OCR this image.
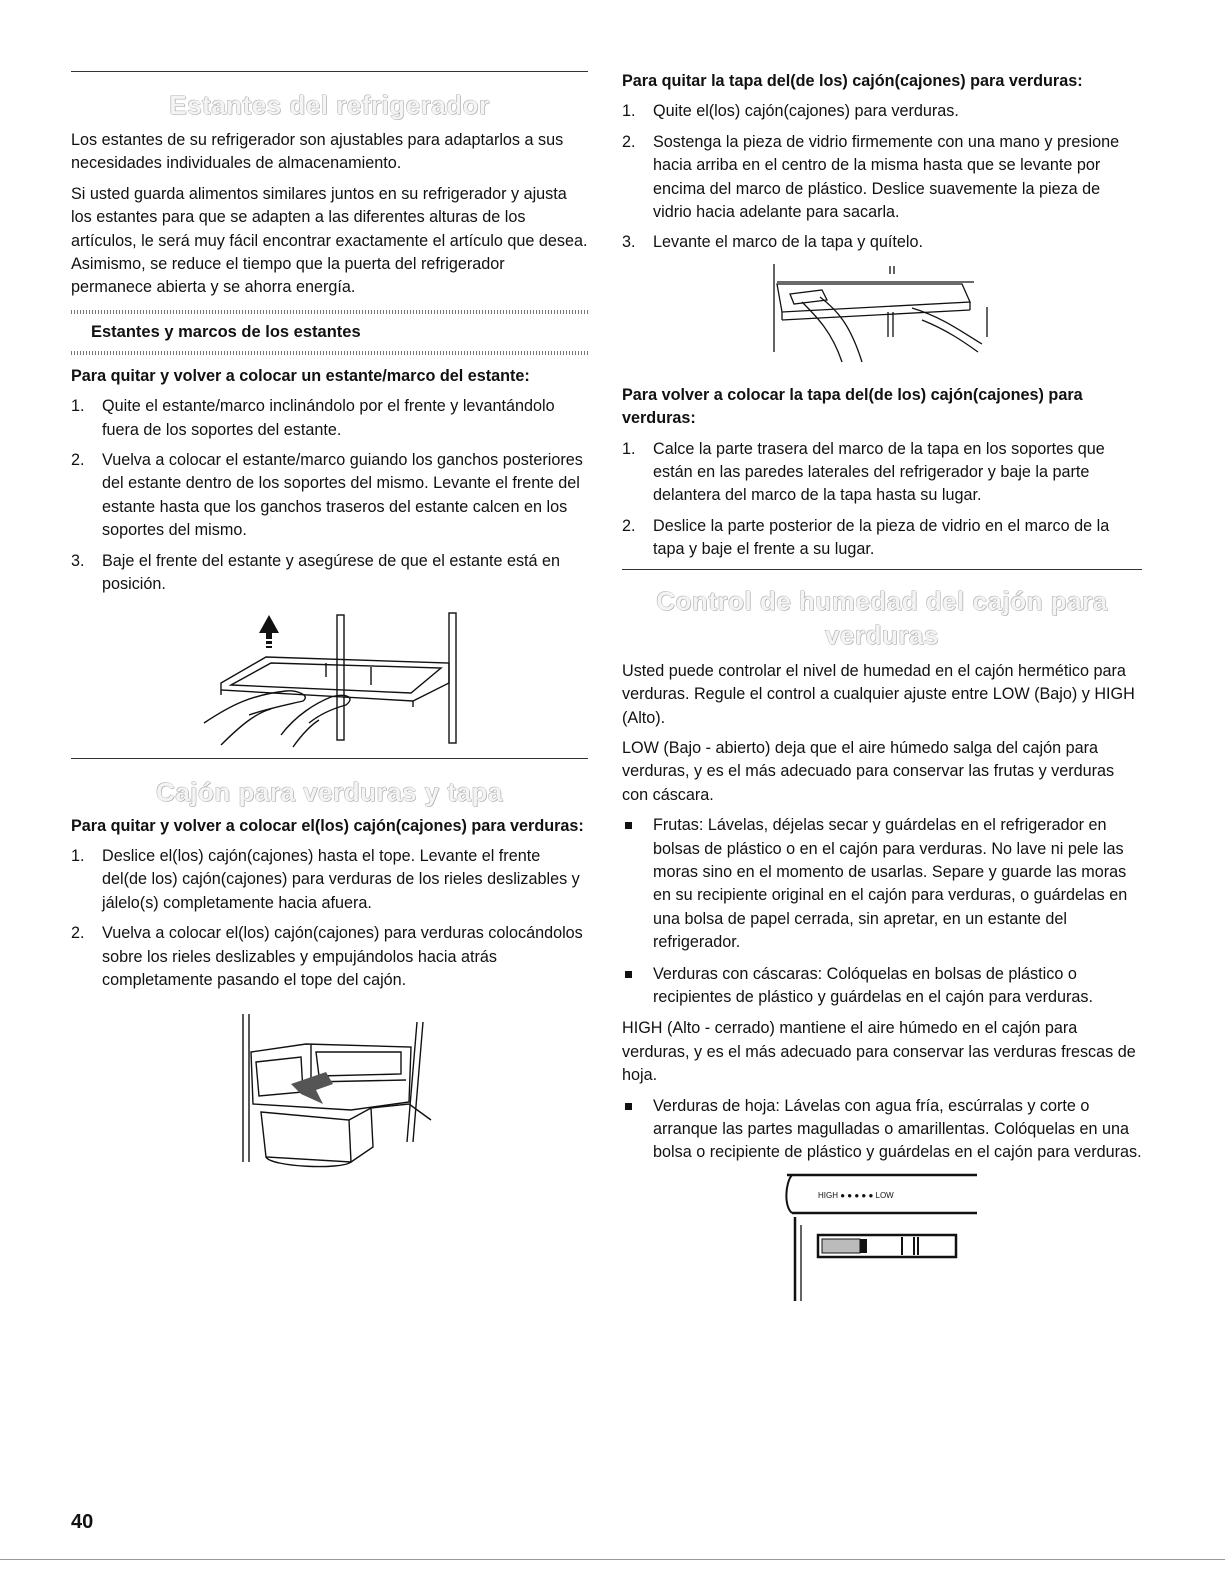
Estantes del refrigerador

Los estantes de su refrigerador son ajustables para adaptarlos a sus necesidades individuales de almacenamiento.

Si usted guarda alimentos similares juntos en su refrigerador y ajusta los estantes para que se adapten a las diferentes alturas de los artículos, le será muy fácil encontrar exactamente el artículo que desea. Asimismo, se reduce el tiempo que la puerta del refrigerador permanece abierta y se ahorra energía.

Estantes y marcos de los estantes

Para quitar y volver a colocar un estante/marco del estante:

1. Quite el estante/marco inclinándolo por el frente y levantándolo fuera de los soportes del estante.
2. Vuelva a colocar el estante/marco guiando los ganchos posteriores del estante dentro de los soportes del mismo. Levante el frente del estante hasta que los ganchos traseros del estante calcen en los soportes del mismo.
3. Baje el frente del estante y asegúrese de que el estante está en posición.
Cajón para verduras y tapa

Para quitar y volver a colocar el(los) cajón(cajones) para verduras:

1. Deslice el(los) cajón(cajones) hasta el tope. Levante el frente del(de los) cajón(cajones) para verduras de los rieles deslizables y jálelo(s) completamente hacia afuera.
2. Vuelva a colocar el(los) cajón(cajones) para verduras colocándolos sobre los rieles deslizables y empujándolos hacia atrás completamente pasando el tope del cajón.

Para quitar la tapa del(de los) cajón(cajones) para verduras:

1. Quite el(los) cajón(cajones) para verduras.
2. Sostenga la pieza de vidrio firmemente con una mano y presione hacia arriba en el centro de la misma hasta que se levante por encima del marco de plástico. Deslice suavemente la pieza de vidrio hacia adelante para sacarla.
3. Levante el marco de la tapa y quítelo.

Para volver a colocar la tapa del(de los) cajón(cajones) para verduras:

1. Calce la parte trasera del marco de la tapa en los soportes que están en las paredes laterales del refrigerador y baje la parte delantera del marco de la tapa hasta su lugar.
2. Deslice la parte posterior de la pieza de vidrio en el marco de la tapa y baje el frente a su lugar.
Control de humedad del cajón para verduras

Usted puede controlar el nivel de humedad en el cajón hermético para verduras. Regule el control a cualquier ajuste entre LOW (Bajo) y HIGH (Alto).

LOW (Bajo - abierto) deja que el aire húmedo salga del cajón para verduras, y es el más adecuado para conservar las frutas y verduras con cáscara.

Frutas: Lávelas, déjelas secar y guárdelas en el refrigerador en bolsas de plástico o en el cajón para verduras. No lave ni pele las moras sino en el momento de usarlas. Separe y guarde las moras en su recipiente original en el cajón para verduras, o guárdelas en una bolsa de papel cerrada, sin apretar, en un estante del refrigerador.
Verduras con cáscaras: Colóquelas en bolsas de plástico o recipientes de plástico y guárdelas en el cajón para verduras.

HIGH (Alto - cerrado) mantiene el aire húmedo en el cajón para verduras, y es el más adecuado para conservar las verduras frescas de hoja.

Verduras de hoja: Lávelas con agua fría, escúrralas y corte o arranque las partes magulladas o amarillentas. Colóquelas en una bolsa o recipiente de plástico y guárdelas en el cajón para verduras.
HIGH ● ● ● ● ● LOW
40
